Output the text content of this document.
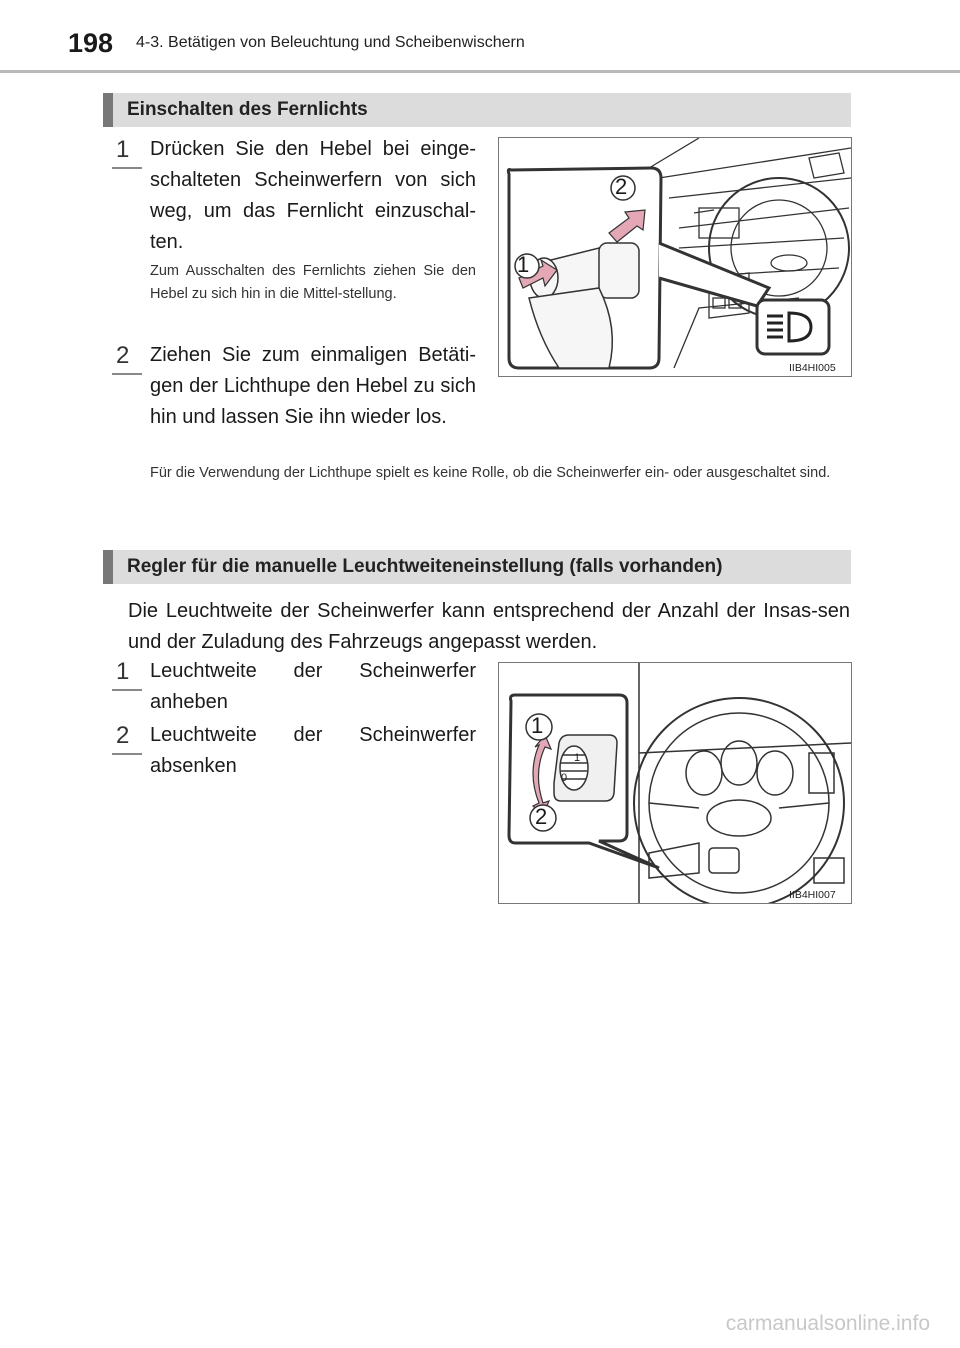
198 4-3. Betätigen von Beleuchtung und Scheibenwischern
Einschalten des Fernlichts
1	Drücken Sie den Hebel bei einge-schalteten Scheinwerfern von sich weg, um das Fernlicht einzuschal-ten.
Zum Ausschalten des Fernlichts ziehen Sie den Hebel zu sich hin in die Mittel-stellung.
2	Ziehen Sie zum einmaligen Betäti-gen der Lichthupe den Hebel zu sich hin und lassen Sie ihn wieder los.
Für die Verwendung der Lichthupe spielt es keine Rolle, ob die Scheinwerfer ein- oder ausgeschaltet sind.
1
2
IIB4HI005
Regler für die manuelle Leuchtweiteneinstellung (falls vorhanden)
Die Leuchtweite der Scheinwerfer kann entsprechend der Anzahl der Insas-sen und der Zuladung des Fahrzeugs angepasst werden.
1	Leuchtweite der Scheinwerfer anheben
2	Leuchtweite der Scheinwerfer absenken	1
0
1
2
IIB4HI007
carmanualsonline.info
